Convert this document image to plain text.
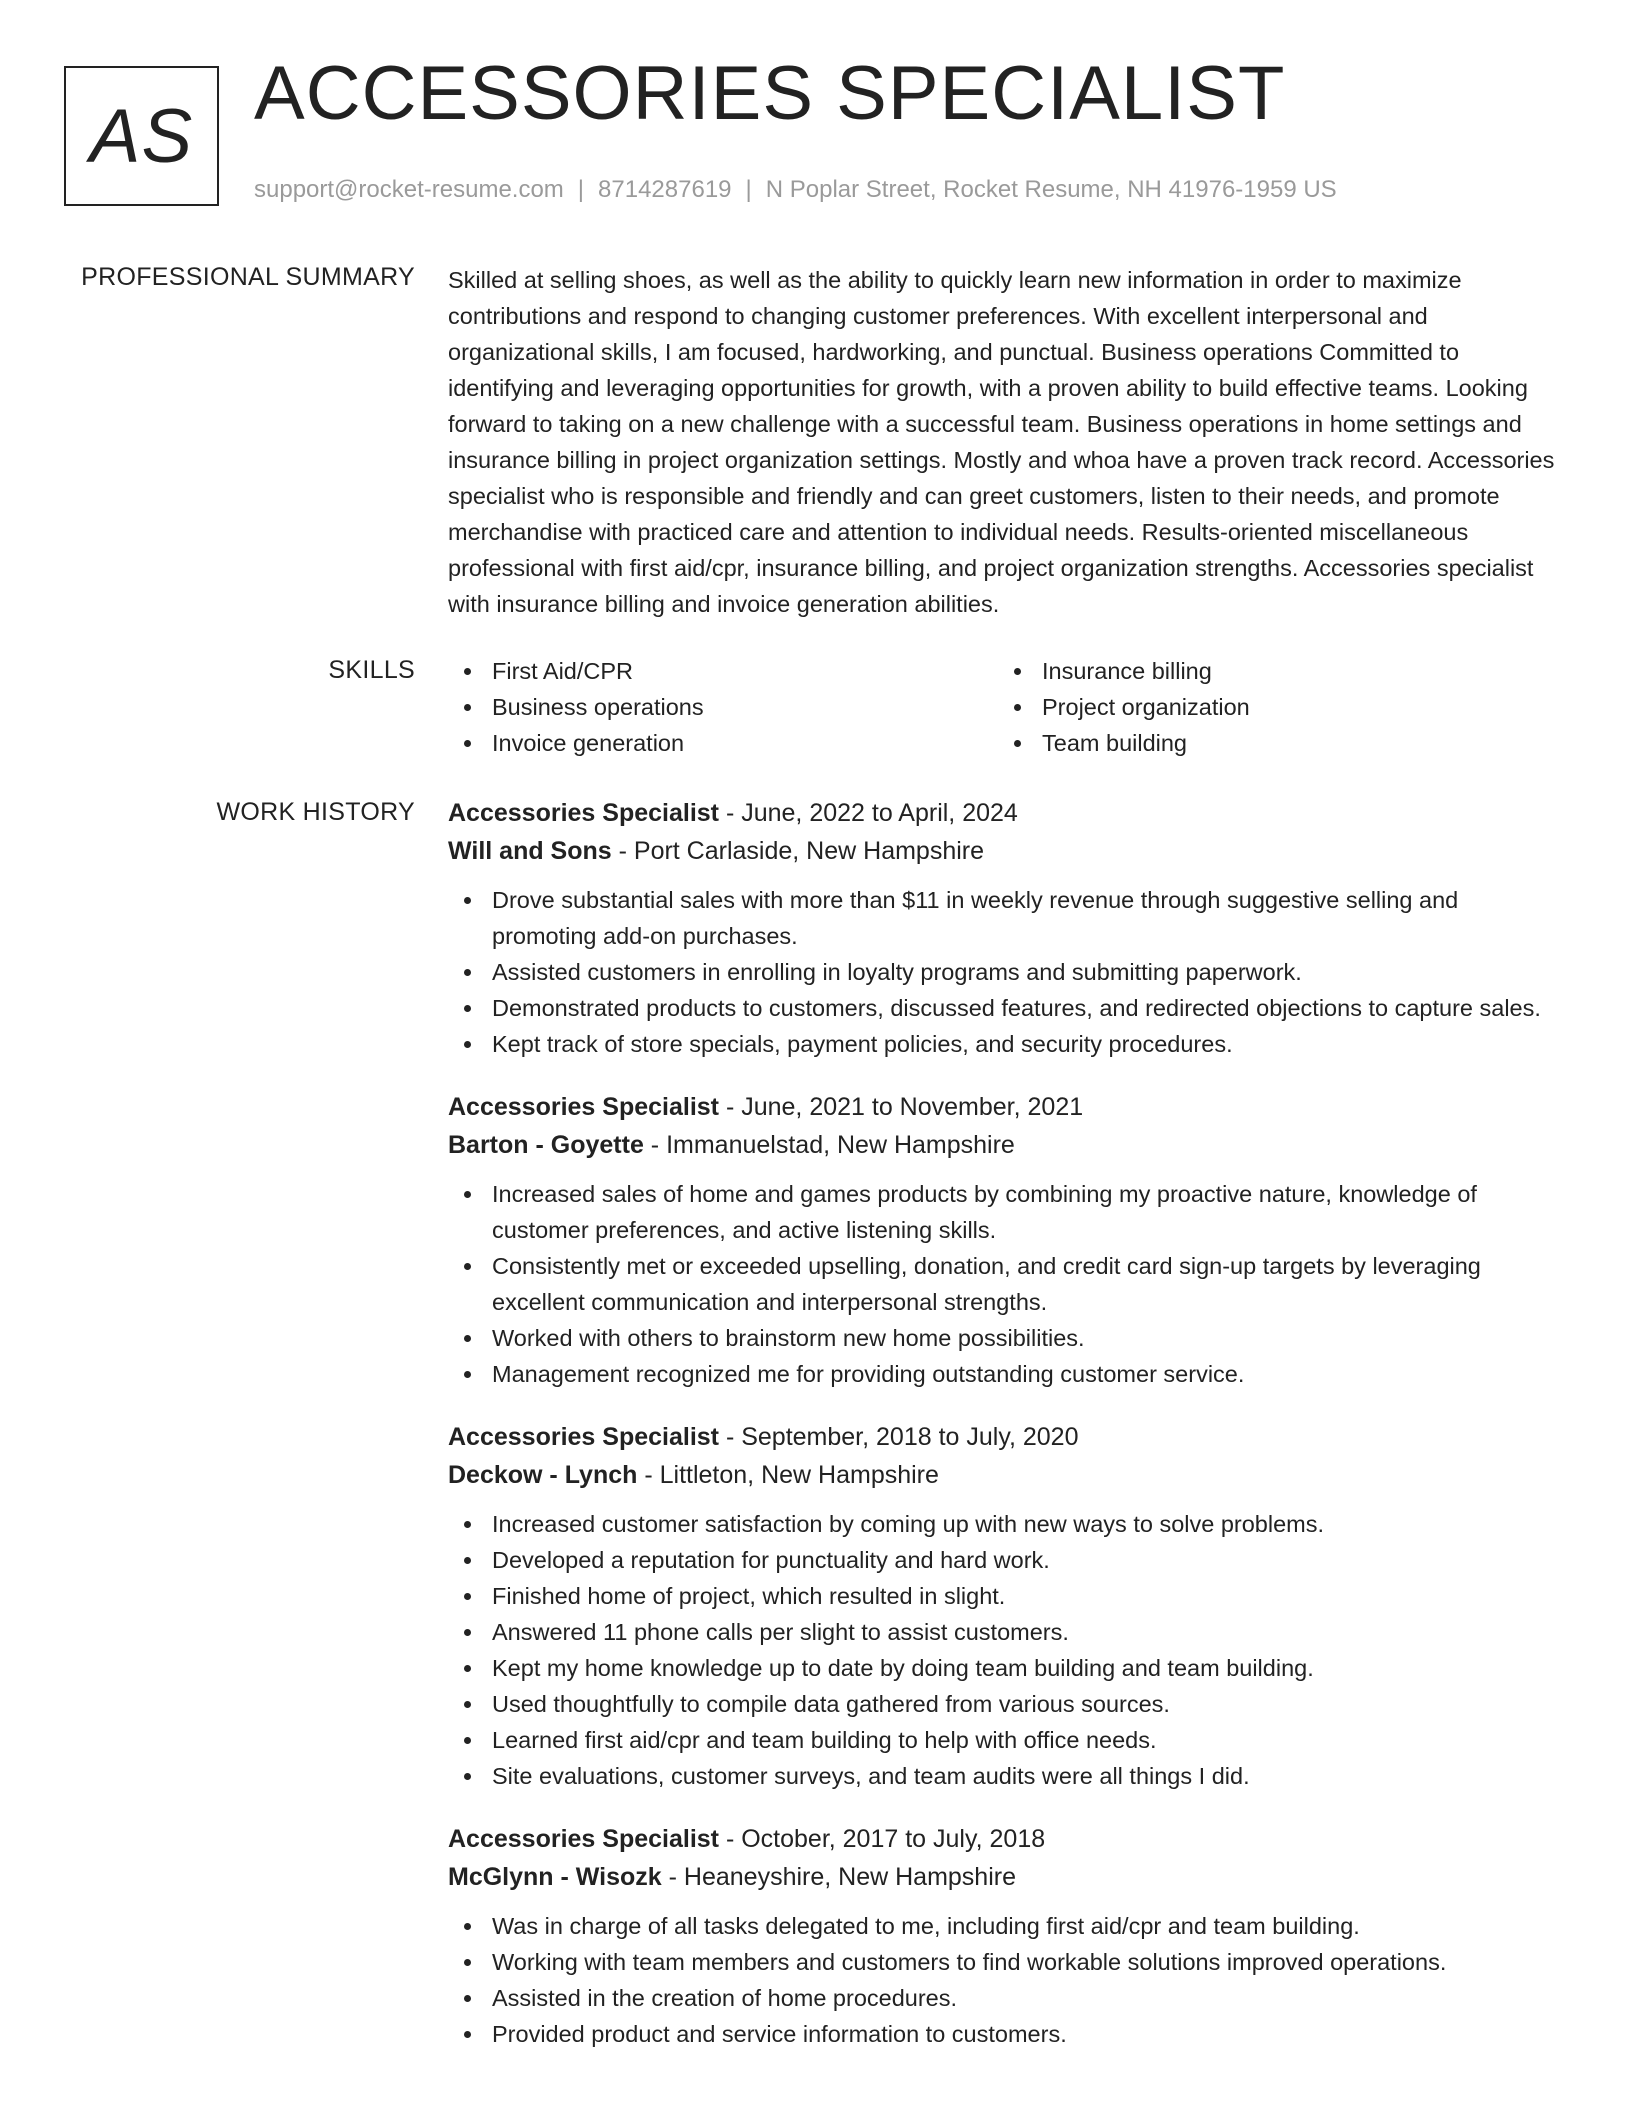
AS ACCESSORIES SPECIALIST
support@rocket-resume.com | 8714287619 | N Poplar Street, Rocket Resume, NH 41976-1959 US
PROFESSIONAL SUMMARY Skilled at selling shoes, as well as the ability to quickly learn new information in order to maximize contributions and respond to changing customer preferences. With excellent interpersonal and organizational skills, I am focused, hardworking, and punctual. Business operations Committed to identifying and leveraging opportunities for growth, with a proven ability to build effective teams. Looking forward to taking on a new challenge with a successful team. Business operations in home settings and insurance billing in project organization settings. Mostly and whoa have a proven track record. Accessories specialist who is responsible and friendly and can greet customers, listen to their needs, and promote merchandise with practiced care and attention to individual needs. Results-oriented miscellaneous professional with first aid/cpr, insurance billing, and project organization strengths. Accessories specialist with insurance billing and invoice generation abilities.

SKILLS	First Aid/CPR
Business operations
Invoice generation
Insurance billing
Project organization
Team building
WORK HISTORY Accessories Specialist - June, 2022 to April, 2024
Will and Sons - Port Carlaside, New Hampshire
Drove substantial sales with more than $11 in weekly revenue through suggestive selling and promoting add-on purchases.
Assisted customers in enrolling in loyalty programs and submitting paperwork.
Demonstrated products to customers, discussed features, and redirected objections to capture sales.
Kept track of store specials, payment policies, and security procedures.
Accessories Specialist - June, 2021 to November, 2021
Barton - Goyette - Immanuelstad, New Hampshire
Increased sales of home and games products by combining my proactive nature, knowledge of customer preferences, and active listening skills.
Consistently met or exceeded upselling, donation, and credit card sign-up targets by leveraging excellent communication and interpersonal strengths.
Worked with others to brainstorm new home possibilities.
Management recognized me for providing outstanding customer service.
Accessories Specialist - September, 2018 to July, 2020
Deckow - Lynch - Littleton, New Hampshire
Increased customer satisfaction by coming up with new ways to solve problems.
Developed a reputation for punctuality and hard work.
Finished home of project, which resulted in slight.
Answered 11 phone calls per slight to assist customers.
Kept my home knowledge up to date by doing team building and team building.
Used thoughtfully to compile data gathered from various sources.
Learned first aid/cpr and team building to help with office needs.
Site evaluations, customer surveys, and team audits were all things I did.
Accessories Specialist - October, 2017 to July, 2018
McGlynn - Wisozk - Heaneyshire, New Hampshire
Was in charge of all tasks delegated to me, including first aid/cpr and team building.
Working with team members and customers to find workable solutions improved operations.
Assisted in the creation of home procedures.
Provided product and service information to customers.
